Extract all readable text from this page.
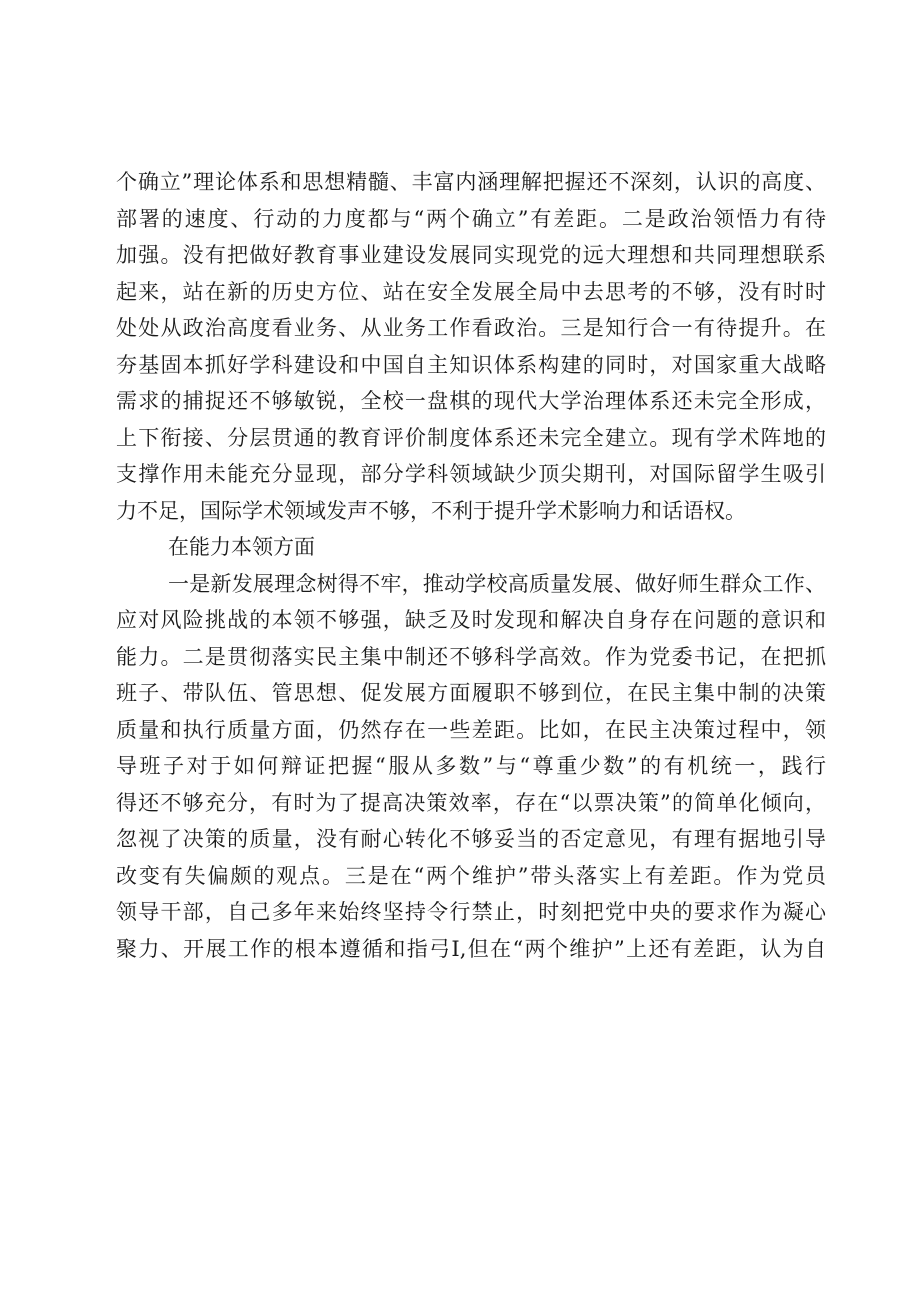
个确立”理论体系和思想精髓、丰富内涵理解把握还不深刻，认识的高度、
部署的速度、行动的力度都与“两个确立”有差距。二是政治领悟力有待
加强。没有把做好教育事业建设发展同实现党的远大理想和共同理想联系
起来，站在新的历史方位、站在安全发展全局中去思考的不够，没有时时
处处从政治高度看业务、从业务工作看政治。三是知行合一有待提升。在
夯基固本抓好学科建设和中国自主知识体系构建的同时，对国家重大战略
需求的捕捉还不够敏锐，全校一盘棋的现代大学治理体系还未完全形成，
上下衔接、分层贯通的教育评价制度体系还未完全建立。现有学术阵地的
支撑作用未能充分显现，部分学科领域缺少顶尖期刊，对国际留学生吸引
力不足，国际学术领域发声不够，不利于提升学术影响力和话语权。
在能力本领方面
一是新发展理念树得不牢，推动学校高质量发展、做好师生群众工作、
应对风险挑战的本领不够强，缺乏及时发现和解决自身存在问题的意识和
能力。二是贯彻落实民主集中制还不够科学高效。作为党委书记，在把抓
班子、带队伍、管思想、促发展方面履职不够到位，在民主集中制的决策
质量和执行质量方面，仍然存在一些差距。比如，在民主决策过程中，领
导班子对于如何辩证把握“服从多数”与“尊重少数”的有机统一，践行
得还不够充分，有时为了提高决策效率，存在“以票决策”的简单化倾向，
忽视了决策的质量，没有耐心转化不够妥当的否定意见，有理有据地引导
改变有失偏颇的观点。三是在“两个维护”带头落实上有差距。作为党员
领导干部，自己多年来始终坚持令行禁止，时刻把党中央的要求作为凝心
聚力、开展工作的根本遵循和指弓I,但在“两个维护”上还有差距，认为自
